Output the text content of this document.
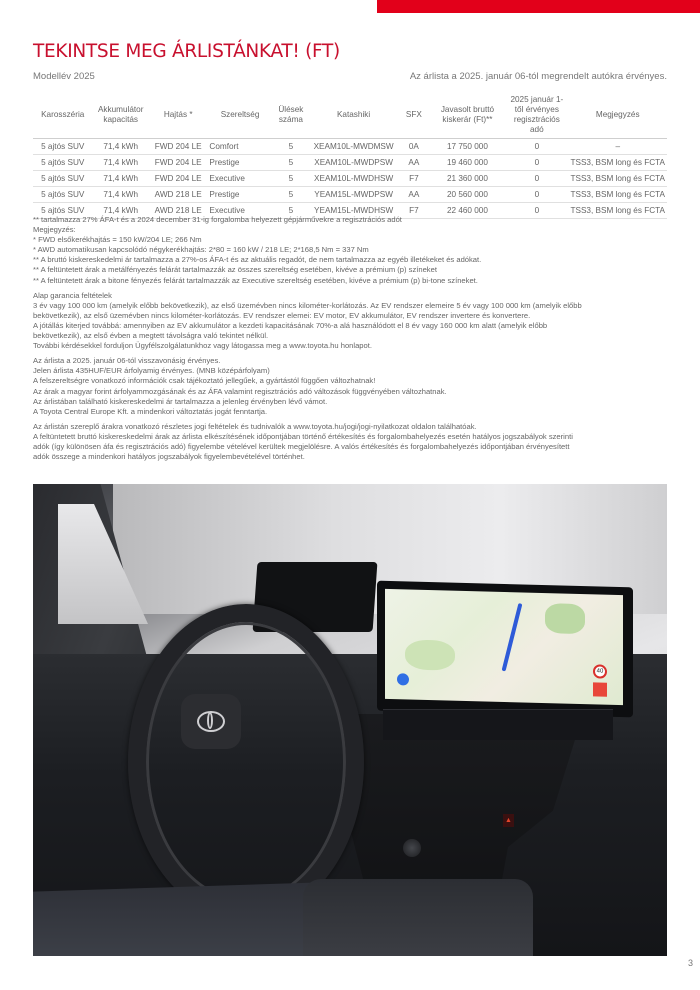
TEKINTSE MEG ÁRLISTÁNKAT! (FT)
Modellév 2025	Az árlista a 2025. január 06-tól megrendelt autókra érvényes.
Karosszéria	Akkumulátor kapacitás	Hajtás *	Szereltség	Ülések száma	Katashiki	SFX	Javasolt bruttó kiskerár (Ft)**	2025 január 1-től érvényes regisztrációs adó	Megjegyzés
5 ajtós SUV	71,4 kWh	FWD 204 LE	Comfort	5	XEAM10L-MWDMSW	0A	17 750 000	0	–
5 ajtós SUV	71,4 kWh	FWD 204 LE	Prestige	5	XEAM10L-MWDPSW	AA	19 460 000	0	TSS3, BSM long és FCTA
5 ajtós SUV	71,4 kWh	FWD 204 LE	Executive	5	XEAM10L-MWDHSW	F7	21 360 000	0	TSS3, BSM long és FCTA
5 ajtós SUV	71,4 kWh	AWD 218 LE	Prestige	5	YEAM15L-MWDPSW	AA	20 560 000	0	TSS3, BSM long és FCTA
5 ajtós SUV	71,4 kWh	AWD 218 LE	Executive	5	YEAM15L-MWDHSW	F7	22 460 000	0	TSS3, BSM long és FCTA
** tartalmazza 27% ÁFA-t és a 2024 december 31-ig forgalomba helyezett gépjárművekre a regisztrációs adót
Megjegyzés:
* FWD elsőkerékhajtás = 150 kW/204 LE; 266 Nm
* AWD automatikusan kapcsolódó négykerékhajtás: 2*80 = 160 kW / 218 LE; 2*168,5 Nm = 337 Nm
** A bruttó kiskereskedelmi ár tartalmazza a 27%-os ÁFA-t és az aktuális regadót, de nem tartalmazza az egyéb illetékeket és adókat.
** A feltüntetett árak a metálfényezés felárát tartalmazzák az összes szereltség esetében, kivéve a prémium (p) színeket
** A feltüntetett árak a bitone fényezés felárát tartalmazzák az Executive szereltség esetében, kivéve a prémium (p) bi-tone színeket.
Alap garancia feltételek
3 év vagy 100 000 km (amelyik előbb bekövetkezik), az első üzemévben nincs kilométer-korlátozás. Az EV rendszer elemeire 5 év vagy 100 000 km (amelyik előbb
bekövetkezik), az első üzemévben nincs kilométer-korlátozás. EV rendszer elemei: EV motor, EV akkumulátor, EV rendszer invertere és konvertere.
A jótállás kiterjed továbbá: amennyiben az EV akkumulátor a kezdeti kapacitásának 70%-a alá használódott el 8 év vagy 160 000 km alatt (amelyik előbb
bekövetkezik), az első évben a megtett távolságra való tekintet nélkül.
További kérdésekkel forduljon Ügyfélszolgálatunkhoz vagy látogassa meg a www.toyota.hu honlapot.
Az árlista a 2025. január 06-tól visszavonásig érvényes.
Jelen árlista 435HUF/EUR árfolyamig érvényes. (MNB középárfolyam)
A felszereltségre vonatkozó információk csak tájékoztató jellegűek, a gyártástól függően változhatnak!
Az árak a magyar forint árfolyammozgásának és az ÁFA valamint regisztrációs adó változások függvényében változhatnak.
Az árlistában található kiskereskedelmi ár tartalmazza a jelenleg érvényben lévő vámot.
A Toyota Central Europe Kft. a mindenkori változtatás jogát fenntartja.
Az árlistán szereplő árakra vonatkozó részletes jogi feltételek és tudnivalók a www.toyota.hu/jogi/jogi-nyilatkozat oldalon találhatóak.
A feltüntetett bruttó kiskereskedelmi árak az árlista elkészítésének időpontjában történő értékesítés és forgalombahelyezés esetén hatályos jogszabályok szerinti
adók (így különösen áfa és regisztrációs adó) figyelembe vételével kerültek megjelölésre. A valós értékesítés és forgalombahelyezés időpontjában érvényesített
adók összege a mindenkori hatályos jogszabályok figyelembevételével történhet.
40
▲
3
